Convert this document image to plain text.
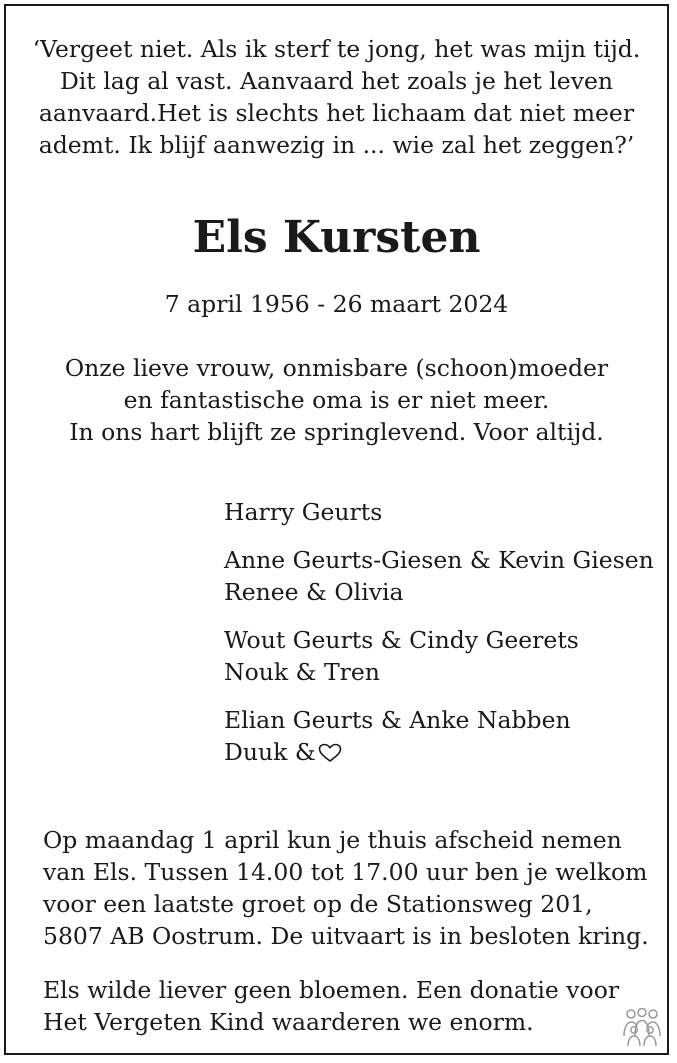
‘Vergeet niet. Als ik sterf te jong, het was mijn tijd.
Dit lag al vast. Aanvaard het zoals je het leven
aanvaard.Het is slechts het lichaam dat niet meer
ademt. Ik blijf aanwezig in ... wie zal het zeggen?’
Els Kursten
7 april 1956 - 26 maart 2024
Onze lieve vrouw, onmisbare (schoon)moeder
en fantastische oma is er niet meer.
In ons hart blijft ze springlevend. Voor altijd.
Harry Geurts
Anne Geurts-Giesen & Kevin Giesen
Renee & Olivia
Wout Geurts & Cindy Geerets
Nouk & Tren
Elian Geurts & Anke Nabben
Duuk &
Op maandag 1 april kun je thuis afscheid nemen
van Els. Tussen 14.00 tot 17.00 uur ben je welkom
voor een laatste groet op de Stationsweg 201,
5807 AB Oostrum. De uitvaart is in besloten kring.
Els wilde liever geen bloemen. Een donatie voor
Het Vergeten Kind waarderen we enorm.
